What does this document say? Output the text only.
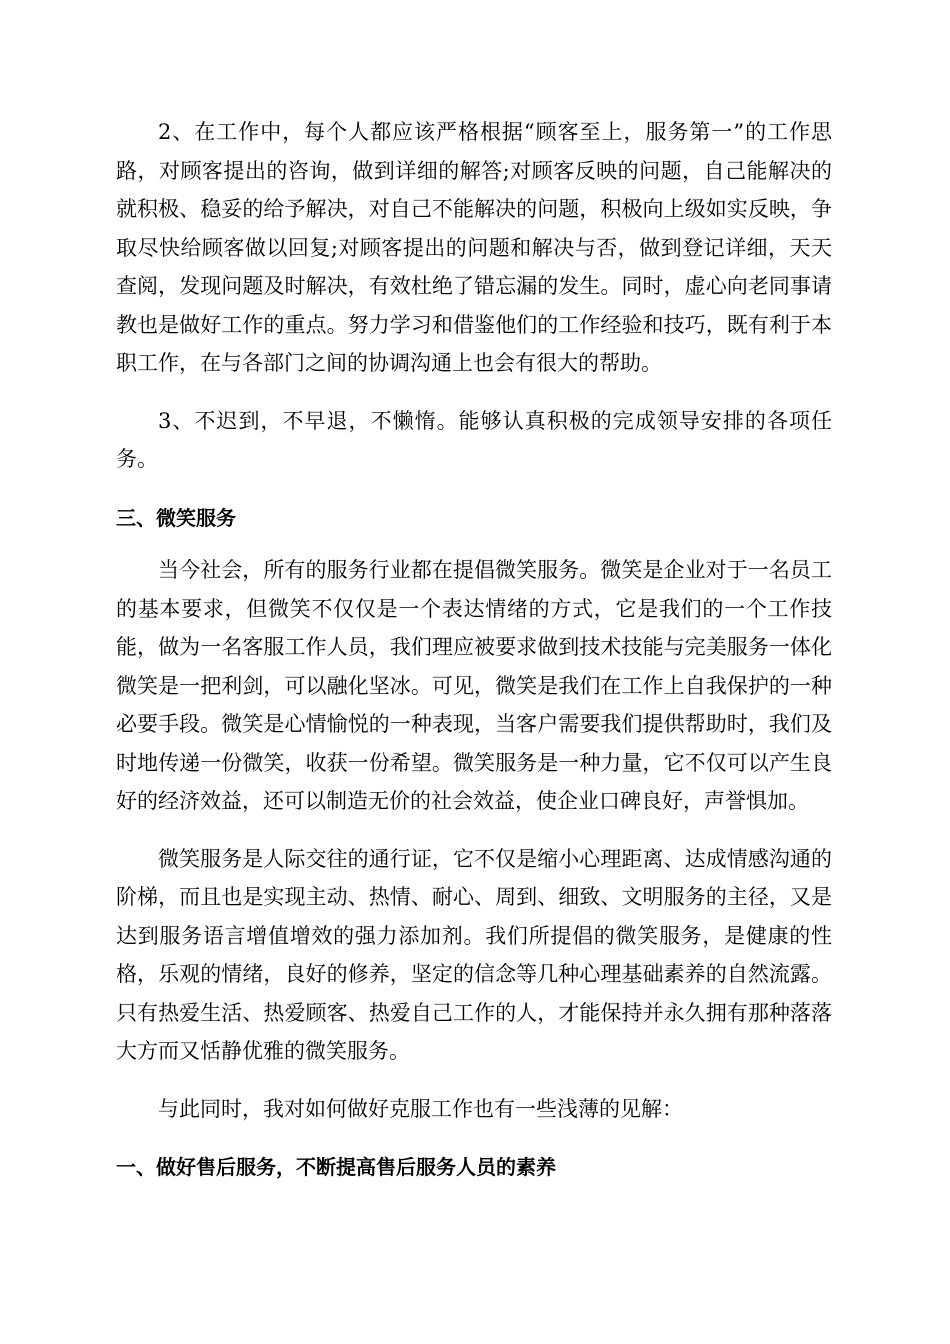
2、在工作中，每个人都应该严格根据“顾客至上，服务第一”的工作思路，对顾客提出的咨询，做到详细的解答;对顾客反映的问题，自己能解决的就积极、稳妥的给予解决，对自己不能解决的问题，积极向上级如实反映，争取尽快给顾客做以回复;对顾客提出的问题和解决与否，做到登记详细，天天查阅，发现问题及时解决，有效杜绝了错忘漏的发生。同时，虚心向老同事请教也是做好工作的重点。努力学习和借鉴他们的工作经验和技巧，既有利于本职工作，在与各部门之间的协调沟通上也会有很大的帮助。

3、不迟到，不早退，不懒惰。能够认真积极的完成领导安排的各项任务。

三、微笑服务

当今社会，所有的服务行业都在提倡微笑服务。微笑是企业对于一名员工的基本要求，但微笑不仅仅是一个表达情绪的方式，它是我们的一个工作技能，做为一名客服工作人员，我们理应被要求做到技术技能与完美服务一体化微笑是一把利剑，可以融化坚冰。可见，微笑是我们在工作上自我保护的一种必要手段。微笑是心情愉悦的一种表现，当客户需要我们提供帮助时，我们及时地传递一份微笑，收获一份希望。微笑服务是一种力量，它不仅可以产生良好的经济效益，还可以制造无价的社会效益，使企业口碑良好，声誉惧加。

微笑服务是人际交往的通行证，它不仅是缩小心理距离、达成情感沟通的阶梯，而且也是实现主动、热情、耐心、周到、细致、文明服务的主径，又是达到服务语言增值增效的强力添加剂。我们所提倡的微笑服务，是健康的性格，乐观的情绪，良好的修养，坚定的信念等几种心理基础素养的自然流露。只有热爱生活、热爱顾客、热爱自己工作的人，才能保持并永久拥有那种落落大方而又恬静优雅的微笑服务。

与此同时，我对如何做好克服工作也有一些浅薄的见解：

一、做好售后服务，不断提高售后服务人员的素养
